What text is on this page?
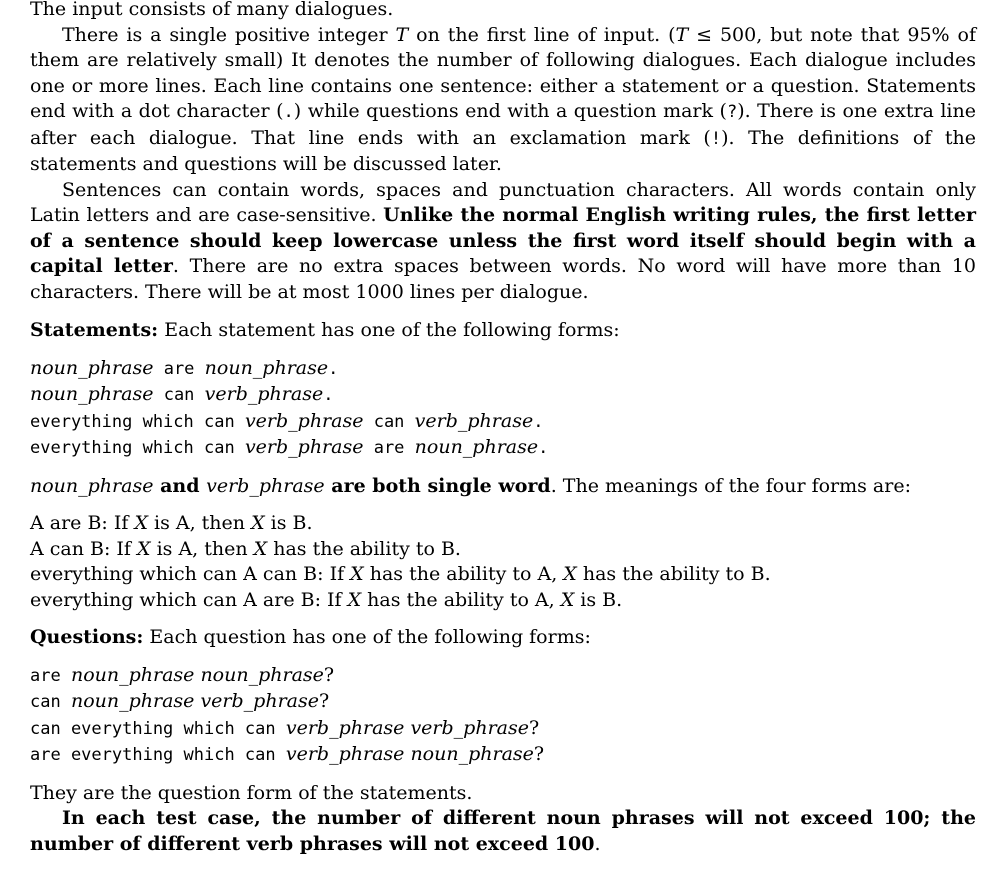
The input consists of many dialogues.

There is a single positive integer T on the first line of input. (T ≤ 500, but note that 95% of them are relatively small) It denotes the number of following dialogues. Each dialogue includes one or more lines. Each line contains one sentence: either a statement or a question. Statements end with a dot character (.) while questions end with a question mark (?). There is one extra line after each dialogue. That line ends with an exclamation mark (!). The definitions of the statements and questions will be discussed later.

Sentences can contain words, spaces and punctuation characters. All words contain only Latin letters and are case-sensitive. Unlike the normal English writing rules, the first letter of a sentence should keep lowercase unless the first word itself should begin with a capital letter. There are no extra spaces between words. No word will have more than 10 characters. There will be at most 1000 lines per dialogue.

Statements: Each statement has one of the following forms:

noun_phrase are noun_phrase.
noun_phrase can verb_phrase.
everything which can verb_phrase can verb_phrase.
everything which can verb_phrase are noun_phrase.

noun_phrase and verb_phrase are both single word. The meanings of the four forms are:

A are B: If X is A, then X is B.
A can B: If X is A, then X has the ability to B.
everything which can A can B: If X has the ability to A, X has the ability to B.
everything which can A are B: If X has the ability to A, X is B.

Questions: Each question has one of the following forms:

are noun_phrase noun_phrase?
can noun_phrase verb_phrase?
can everything which can verb_phrase verb_phrase?
are everything which can verb_phrase noun_phrase?

They are the question form of the statements.

In each test case, the number of different noun phrases will not exceed 100; the number of different verb phrases will not exceed 100.
